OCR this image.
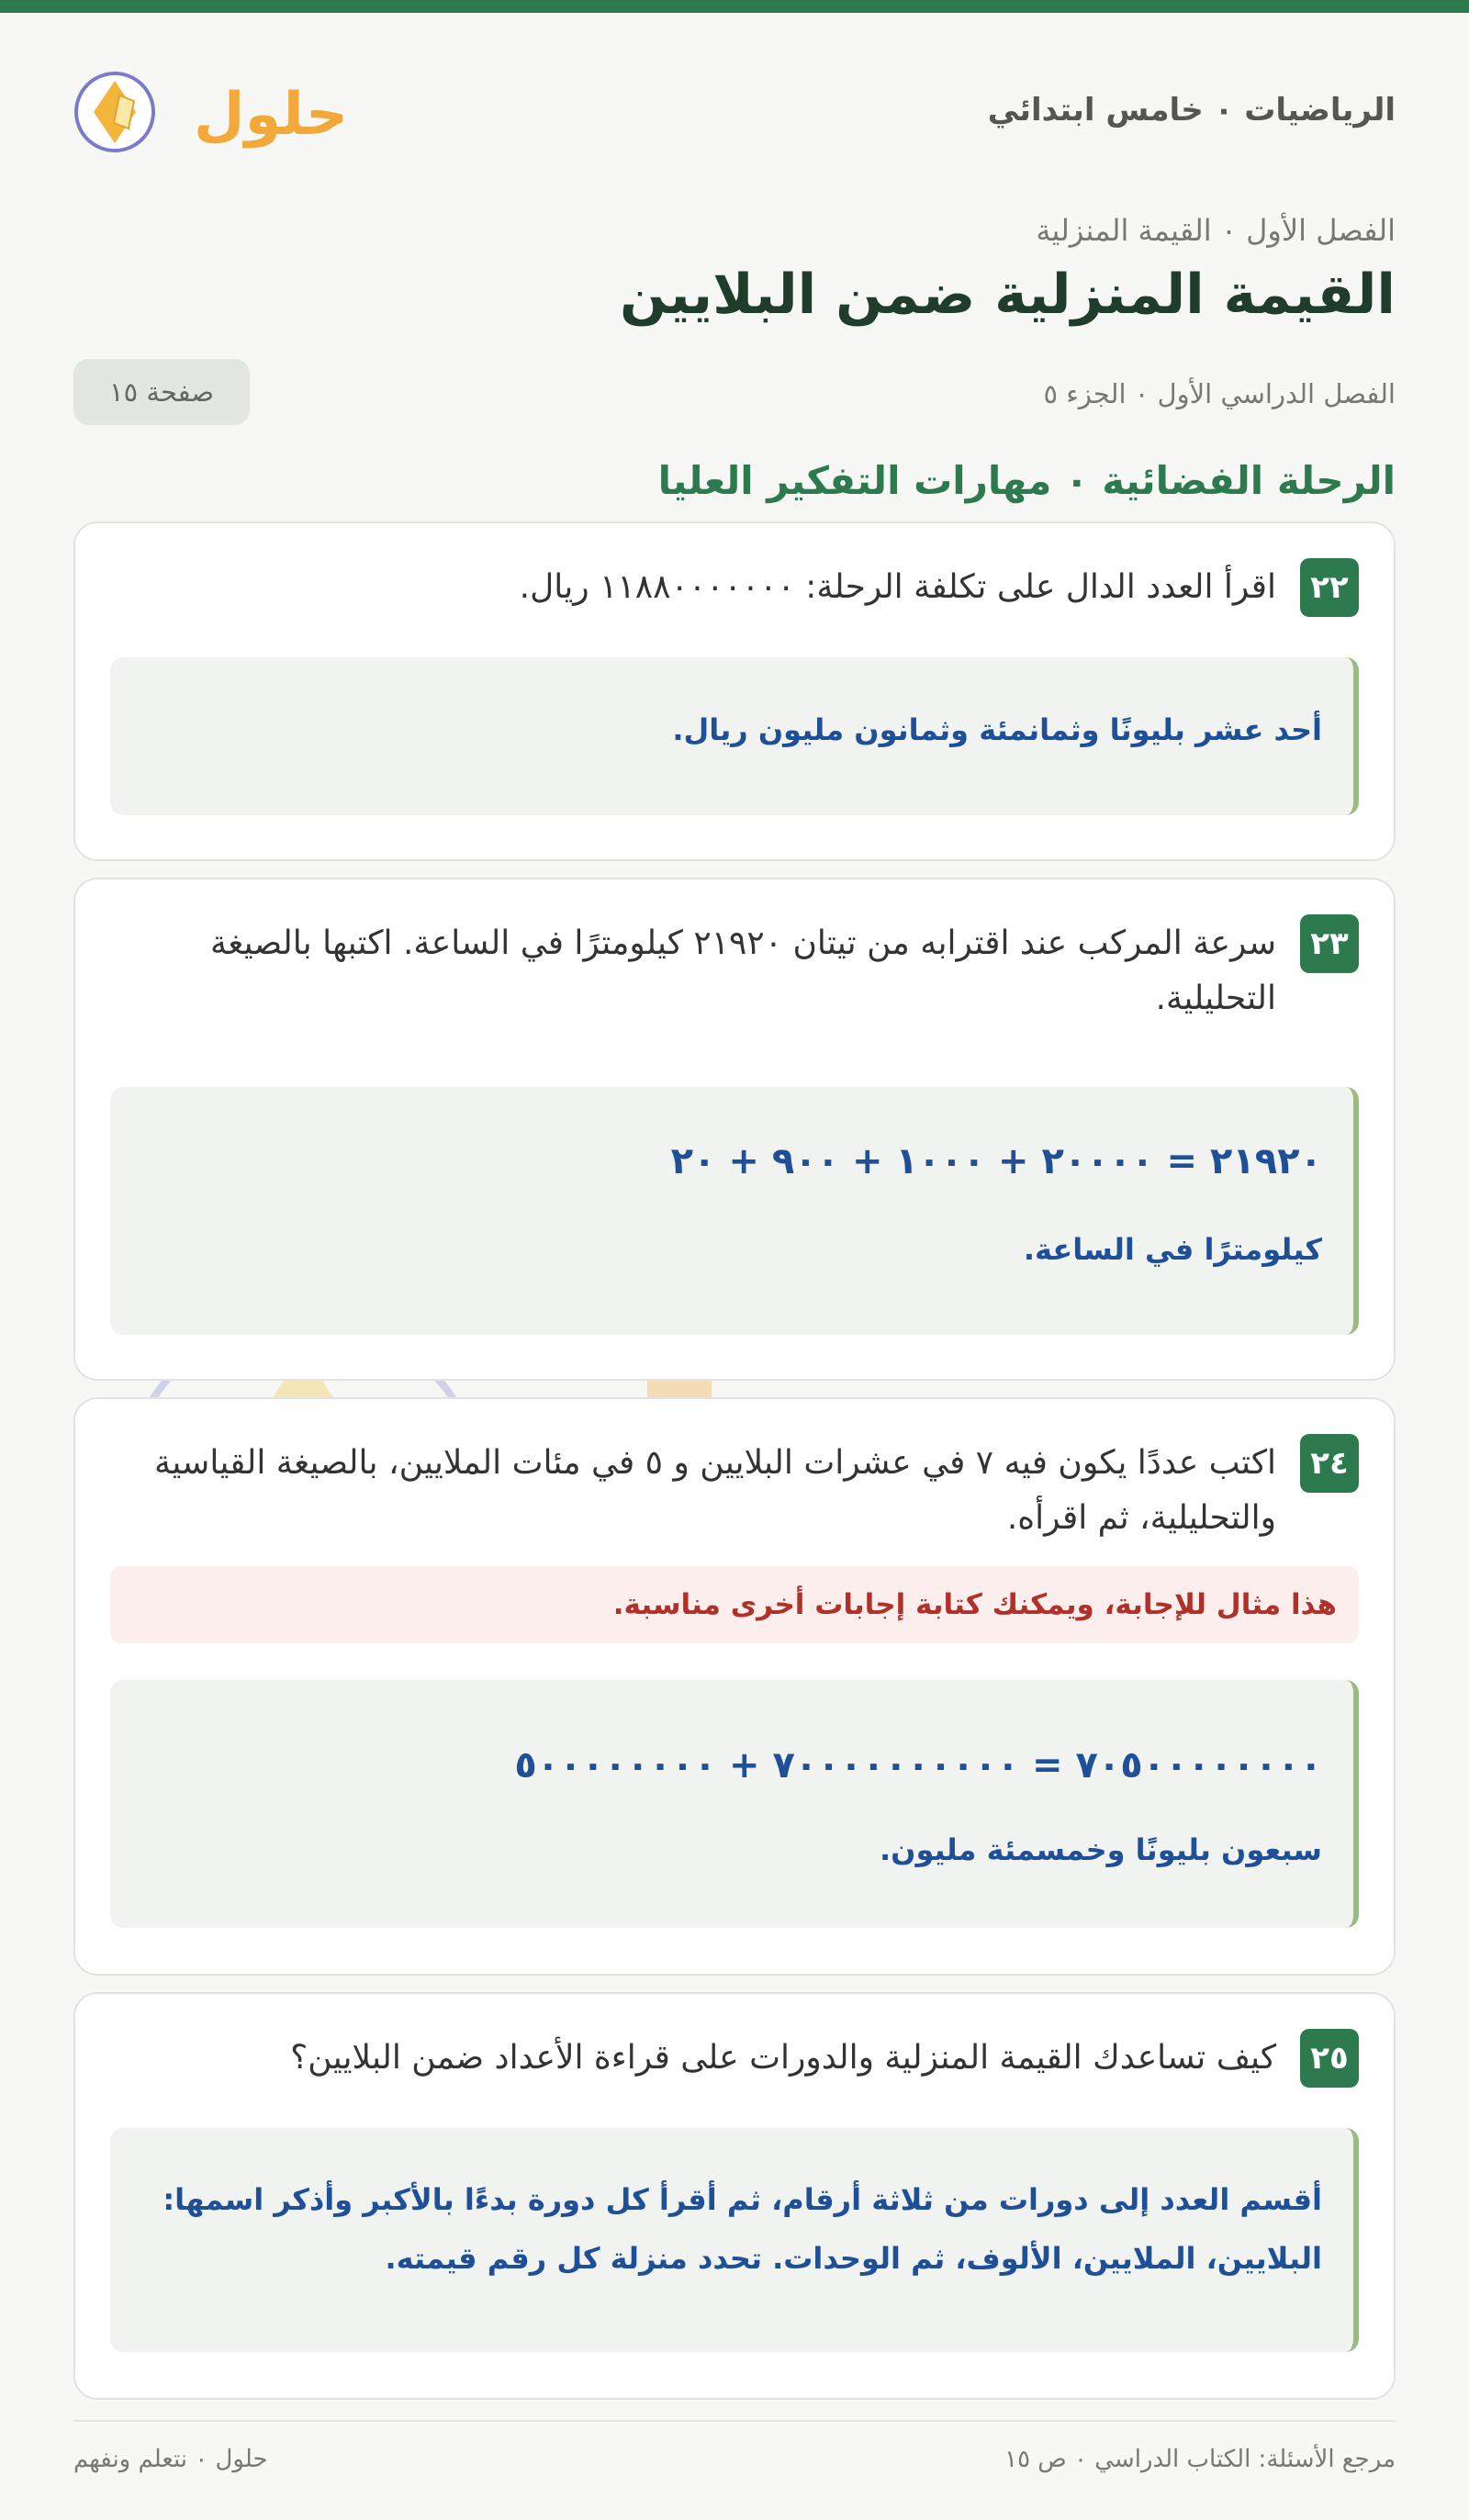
الرياضيات ٠ خامس ابتدائي
حلول
الفصل الأول ٠ القيمة المنزلية
القيمة المنزلية ضمن البلايين
الفصل الدراسي الأول ٠ الجزء ٥
صفحة ١٥
الرحلة الفضائية ٠ مهارات التفكير العليا
٢٢
اقرأ العدد الدال على تكلفة الرحلة: ١١٨٨٠٠٠٠٠٠٠ ريال.
أحد عشر بليونًا وثمانمئة وثمانون مليون ريال.
٢٣
سرعة المركب عند اقترابه من تيتان ٢١٩٢٠ كيلومترًا في الساعة. اكتبها بالصيغة التحليلية.
٢١٩٢٠ = ٢٠٠٠٠ + ١٠٠٠ + ٩٠٠ + ٢٠
كيلومترًا في الساعة.
٢٤
اكتب عددًا يكون فيه ٧ في عشرات البلايين و ٥ في مئات الملايين، بالصيغة القياسية والتحليلية، ثم اقرأه.
هذا مثال للإجابة، ويمكنك كتابة إجابات أخرى مناسبة.
٧٠٥٠٠٠٠٠٠٠٠ = ٧٠٠٠٠٠٠٠٠٠٠ + ٥٠٠٠٠٠٠٠٠
سبعون بليونًا وخمسمئة مليون.
٢٥
كيف تساعدك القيمة المنزلية والدورات على قراءة الأعداد ضمن البلايين؟
أقسم العدد إلى دورات من ثلاثة أرقام، ثم أقرأ كل دورة بدءًا بالأكبر وأذكر اسمها: البلايين، الملايين، الألوف، ثم الوحدات. تحدد منزلة كل رقم قيمته.
مرجع الأسئلة: الكتاب الدراسي ٠ ص ١٥
حلول ٠ نتعلم ونفهم
